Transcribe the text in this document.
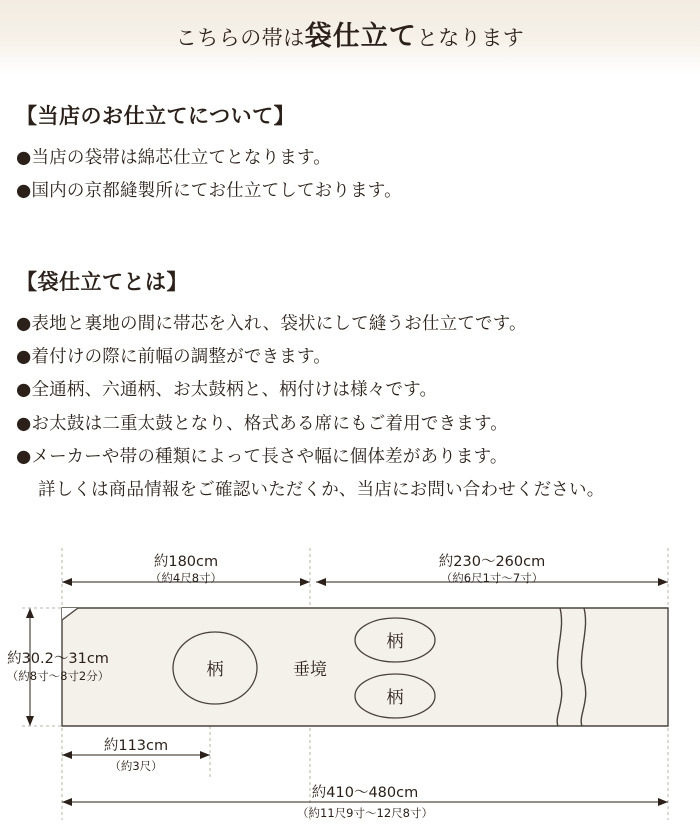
こちらの帯は袋仕立てとなります
【当店のお仕立てについて】
●当店の袋帯は綿芯仕立てとなります。
●国内の京都縫製所にてお仕立てしております。
【袋仕立てとは】
●表地と裏地の間に帯芯を入れ、袋状にして縫うお仕立てです。
●着付けの際に前幅の調整ができます。
●全通柄、六通柄、お太鼓柄と、柄付けは様々です。
●お太鼓は二重太鼓となり、格式ある席にもご着用できます。
●メーカーや帯の種類によって長さや幅に個体差があります。
詳しくは商品情報をご確認いただくか、当店にお問い合わせください。
柄
柄
柄
垂境
約180cm
（約4尺8寸）
約230〜260cm
（約6尺1寸〜7寸）
約30.2〜31cm
（約8寸〜8寸2分）
約113cm
（約3尺）
約410〜480cm
（約11尺9寸〜12尺8寸）
